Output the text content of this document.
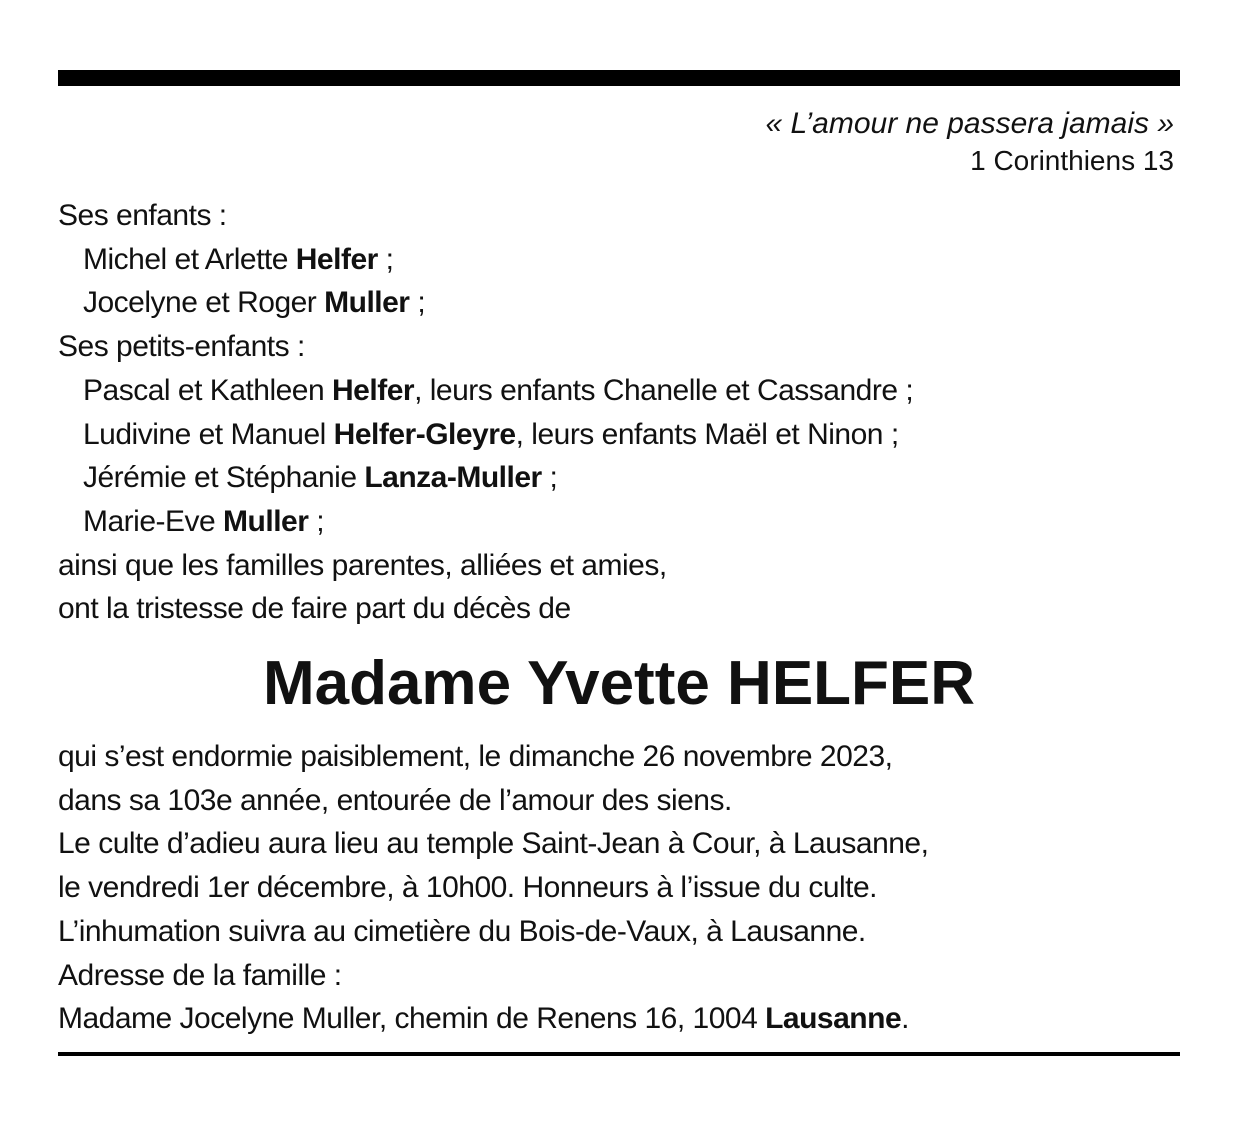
« L’amour ne passera jamais »
1 Corinthiens 13
Ses enfants :
Michel et Arlette Helfer ;
Jocelyne et Roger Muller ;
Ses petits-enfants :
Pascal et Kathleen Helfer, leurs enfants Chanelle et Cassandre ;
Ludivine et Manuel Helfer-Gleyre, leurs enfants Maël et Ninon ;
Jérémie et Stéphanie Lanza-Muller ;
Marie-Eve Muller ;
ainsi que les familles parentes, alliées et amies,
ont la tristesse de faire part du décès de
Madame Yvette HELFER
qui s’est endormie paisiblement, le dimanche 26 novembre 2023,
dans sa 103e année, entourée de l’amour des siens.
Le culte d’adieu aura lieu au temple Saint-Jean à Cour, à Lausanne,
le vendredi 1er décembre, à 10h00. Honneurs à l’issue du culte.
L’inhumation suivra au cimetière du Bois-de-Vaux, à Lausanne.
Adresse de la famille :
Madame Jocelyne Muller, chemin de Renens 16, 1004 Lausanne.
